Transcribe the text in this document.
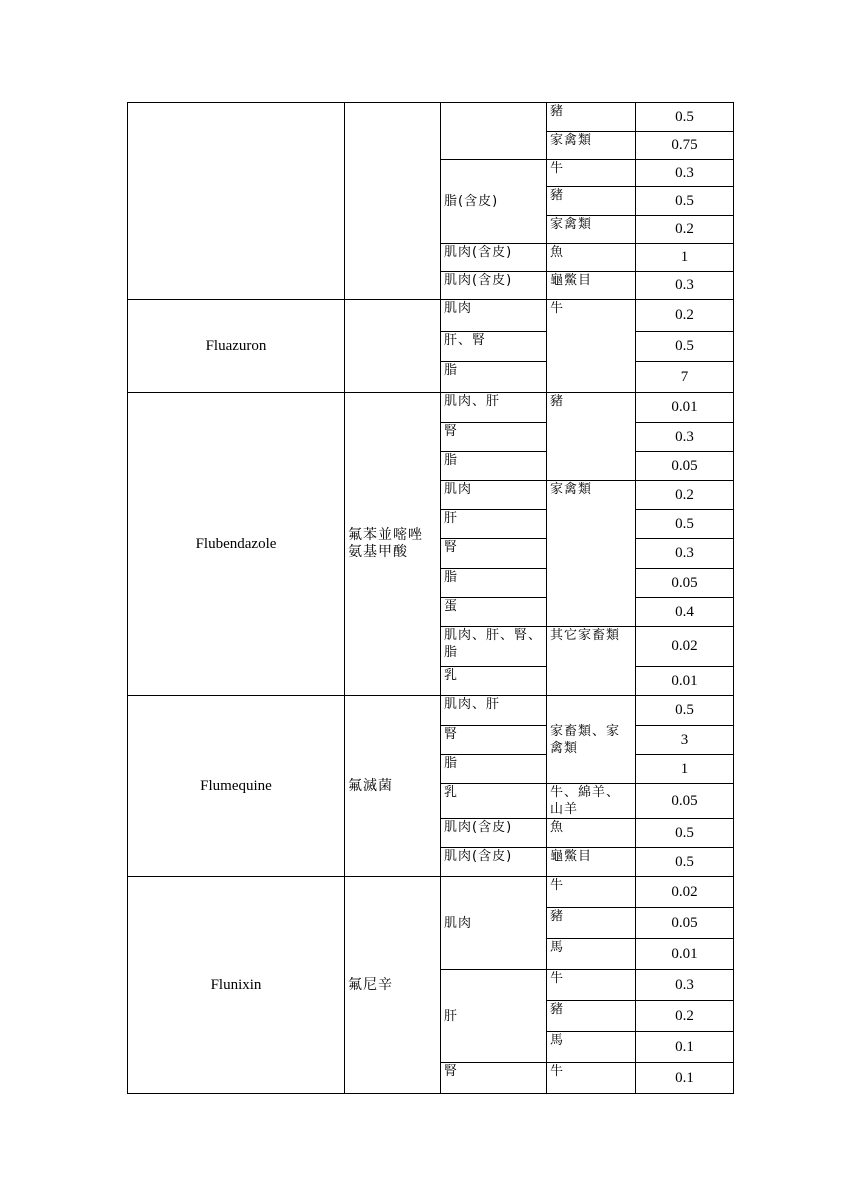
			豬	0.5
			家禽類	0.75
		脂(含皮)	牛	0.3
			豬	0.5
			家禽類	0.2
		肌肉(含皮)	魚	1
		肌肉(含皮)	龜鱉目	0.3
Fluazuron		肌肉	牛	0.2
		肝、腎		0.5
		脂		7
Flubendazole	氟苯並嘧唑氨基甲酸	肌肉、肝	豬	0.01
		腎		0.3
		脂		0.05
		肌肉	家禽類	0.2
		肝		0.5
		腎		0.3
		脂		0.05
		蛋		0.4
		肌肉、肝、腎、脂	其它家畜類	0.02
		乳		0.01
Flumequine	氟滅菌	肌肉、肝	家畜類、家禽類	0.5
		腎		3
		脂		1
		乳	牛、綿羊、山羊	0.05
		肌肉(含皮)	魚	0.5
		肌肉(含皮)	龜鱉目	0.5
Flunixin	氟尼辛	肌肉	牛	0.02
			豬	0.05
			馬	0.01
		肝	牛	0.3
			豬	0.2
			馬	0.1
		腎	牛	0.1
